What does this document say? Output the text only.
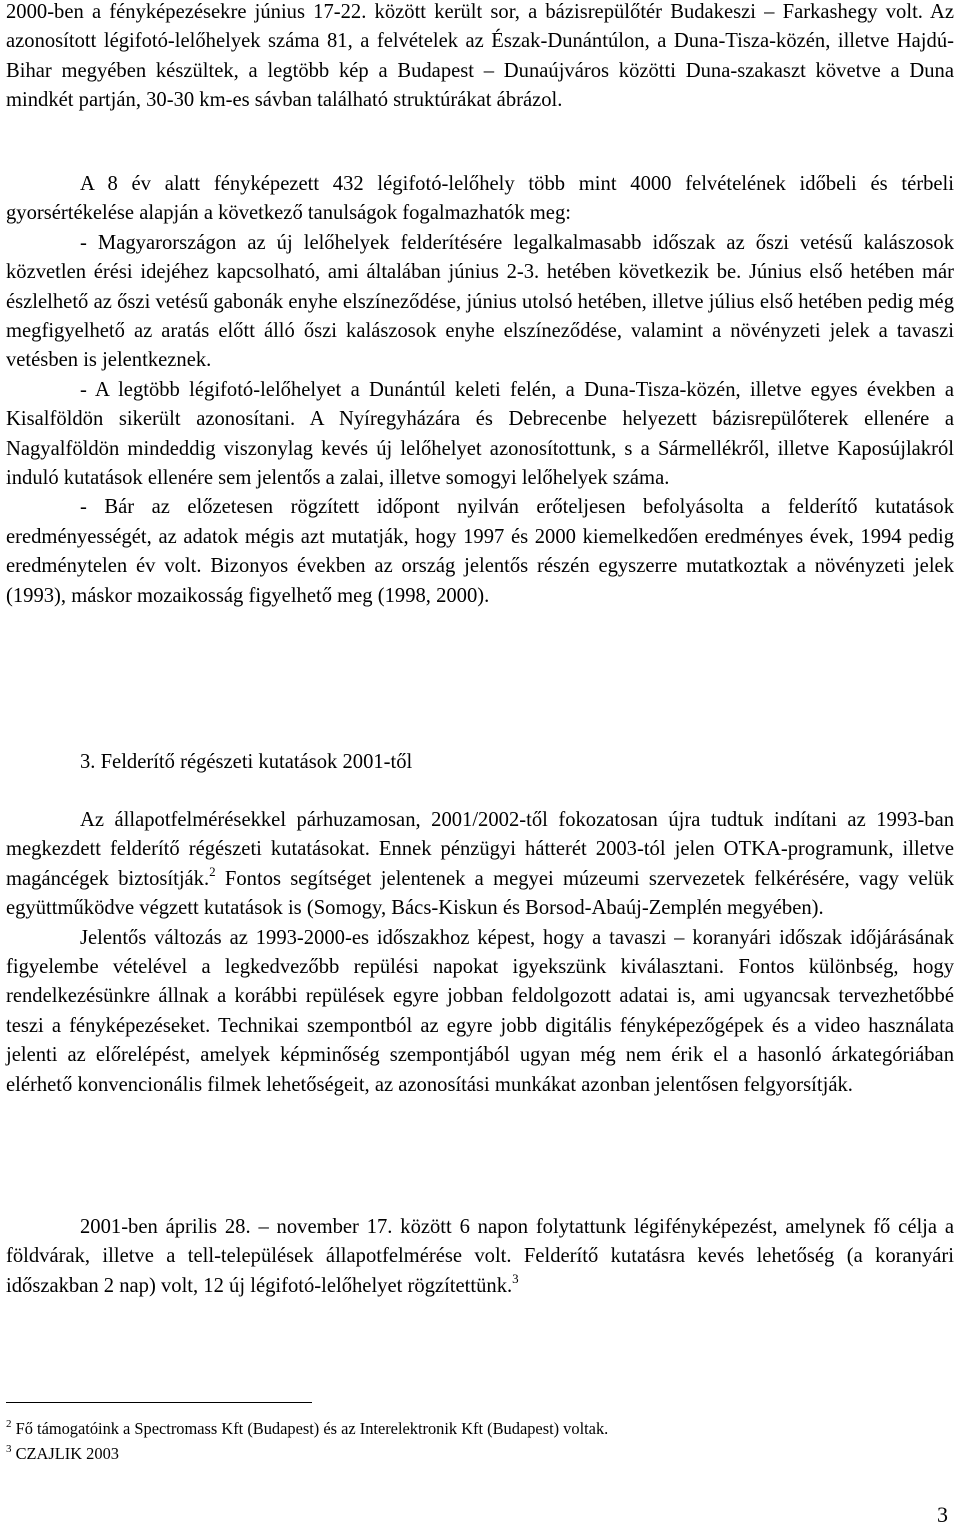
2000-ben a fényképezésekre június 17-22. között került sor, a bázisrepülőtér Budakeszi – Farkashegy volt. Az azonosított légifotó-lelőhelyek száma 81, a felvételek az Észak-Dunántúlon, a Duna-Tisza-közén, illetve Hajdú-Bihar megyében készültek, a legtöbb kép a Budapest – Dunaújváros közötti Duna-szakaszt követve a Duna mindkét partján, 30-30 km-es sávban található struktúrákat ábrázol.

A 8 év alatt fényképezett 432 légifotó-lelőhely több mint 4000 felvételének időbeli és térbeli gyorsértékelése alapján a következő tanulságok fogalmazhatók meg:

- Magyarországon az új lelőhelyek felderítésére legalkalmasabb időszak az őszi vetésű kalászosok közvetlen érési idejéhez kapcsolható, ami általában június 2-3. hetében következik be. Június első hetében már észlelhető az őszi vetésű gabonák enyhe elszíneződése, június utolsó hetében, illetve július első hetében pedig még megfigyelhető az aratás előtt álló őszi kalászosok enyhe elszíneződése, valamint a növényzeti jelek a tavaszi vetésben is jelentkeznek.

- A legtöbb légifotó-lelőhelyet a Dunántúl keleti felén, a Duna-Tisza-közén, illetve egyes években a Kisalföldön sikerült azonosítani. A Nyíregyházára és Debrecenbe helyezett bázisrepülőterek ellenére a Nagyalföldön mindeddig viszonylag kevés új lelőhelyet azonosítottunk, s a Sármellékről, illetve Kaposújlakról induló kutatások ellenére sem jelentős a zalai, illetve somogyi lelőhelyek száma.

- Bár az előzetesen rögzített időpont nyilván erőteljesen befolyásolta a felderítő kutatások eredményességét, az adatok mégis azt mutatják, hogy 1997 és 2000 kiemelkedően eredményes évek, 1994 pedig eredménytelen év volt. Bizonyos években az ország jelentős részén egyszerre mutatkoztak a növényzeti jelek (1993), máskor mozaikosság figyelhető meg (1998, 2000).

3. Felderítő régészeti kutatások 2001-től

Az állapotfelmérésekkel párhuzamosan, 2001/2002-től fokozatosan újra tudtuk indítani az 1993-ban megkezdett felderítő régészeti kutatásokat. Ennek pénzügyi hátterét 2003-tól jelen OTKA-programunk, illetve magáncégek biztosítják.$^2$ Fontos segítséget jelentenek a megyei múzeumi szervezetek felkérésére, vagy velük együttműködve végzett kutatások is (Somogy, Bács-Kiskun és Borsod-Abaúj-Zemplén megyében).

Jelentős változás az 1993-2000-es időszakhoz képest, hogy a tavaszi – koranyári időszak időjárásának figyelembe vételével a legkedvezőbb repülési napokat igyekszünk kiválasztani. Fontos különbség, hogy rendelkezésünkre állnak a korábbi repülések egyre jobban feldolgozott adatai is, ami ugyancsak tervezhetőbbé teszi a fényképezéseket. Technikai szempontból az egyre jobb digitális fényképezőgépek és a video használata jelenti az előrelépést, amelyek képminőség szempontjából ugyan még nem érik el a hasonló árkategóriában elérhető konvencionális filmek lehetőségeit, az azonosítási munkákat azonban jelentősen felgyorsítják.

2001-ben április 28. – november 17. között 6 napon folytattunk légifényképezést, amelynek fő célja a földvárak, illetve a tell-települések állapotfelmérése volt. Felderítő kutatásra kevés lehetőség (a koranyári időszakban 2 nap) volt, 12 új légifotó-lelőhelyet rögzítettünk.$^3$

$^2$ Fő támogatóink a Spectromass Kft (Budapest) és az Interelektronik Kft (Budapest) voltak.
$^3$ CZAJLIK 2003
3
